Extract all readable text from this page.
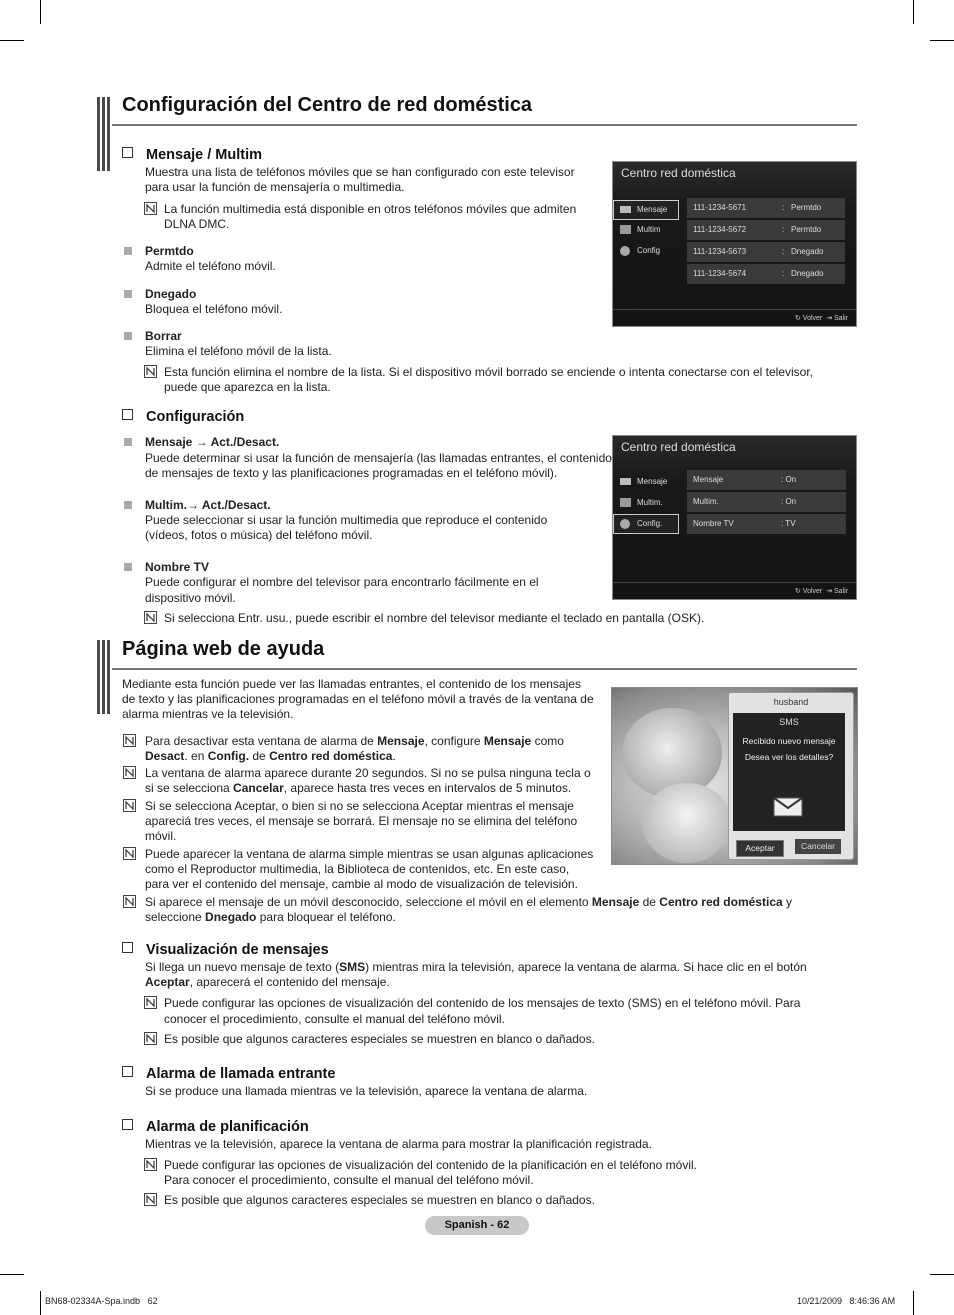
Configuración del Centro de red doméstica
Mensaje / Multim
Muestra una lista de teléfonos móviles que se han configurado con este televisor
para usar la función de mensajería o multimedia.
La función multimedia está disponible en otros teléfonos móviles que admiten
DLNA DMC.
Permtdo
Admite el teléfono móvil.
Dnegado
Bloquea el teléfono móvil.
Borrar
Elimina el teléfono móvil de la lista.
Esta función elimina el nombre de la lista. Si el dispositivo móvil borrado se enciende o intenta conectarse con el televisor,
puede que aparezca en la lista.
Centro red doméstica
Mensaje
Multim
Config
111-1234-5671	: Permtdo
111-1234-5672	: Permtdo
111-1234-5673	: Dnegado
111-1234-5674	: Dnegado
↻ Volver ⇥ Salir
Configuración
Mensaje → Act./Desact.
Puede determinar si usar la función de mensajería (las llamadas entrantes, el contenido
de mensajes de texto y las planificaciones programadas en el teléfono móvil).
Multim.→ Act./Desact.
Puede seleccionar si usar la función multimedia que reproduce el contenido
(vídeos, fotos o música) del teléfono móvil.
Nombre TV
Puede configurar el nombre del televisor para encontrarlo fácilmente en el
dispositivo móvil.
Si selecciona Entr. usu., puede escribir el nombre del televisor mediante el teclado en pantalla (OSK).
Centro red doméstica
Mensaje
Multim.
Config.
Mensaje	: On
Multim.	: On
Nombre TV	: TV
↻ Volver ⇥ Salir
Página web de ayuda
Mediante esta función puede ver las llamadas entrantes, el contenido de los mensajes
de texto y las planificaciones programadas en el teléfono móvil a través de la ventana de
alarma mientras ve la televisión.
Para desactivar esta ventana de alarma de Mensaje, configure Mensaje como
Desact. en Config. de Centro red doméstica.
La ventana de alarma aparece durante 20 segundos. Si no se pulsa ninguna tecla o
si se selecciona Cancelar, aparece hasta tres veces en intervalos de 5 minutos.
Si se selecciona Aceptar, o bien si no se selecciona Aceptar mientras el mensaje
apareciá tres veces, el mensaje se borrará. El mensaje no se elimina del teléfono
móvil.
Puede aparecer la ventana de alarma simple mientras se usan algunas aplicaciones
como el Reproductor multimedia, la Biblioteca de contenidos, etc. En este caso,
para ver el contenido del mensaje, cambie al modo de visualización de televisión.
Si aparece el mensaje de un móvil desconocido, seleccione el móvil en el elemento Mensaje de Centro red doméstica y
seleccione Dnegado para bloquear el teléfono.
husband
SMS
Recibido nuevo mensaje
Desea ver los detalles?
Aceptar	Cancelar
Visualización de mensajes
Si llega un nuevo mensaje de texto (SMS) mientras mira la televisión, aparece la ventana de alarma. Si hace clic en el botón
Aceptar, aparecerá el contenido del mensaje.
Puede configurar las opciones de visualización del contenido de los mensajes de texto (SMS) en el teléfono móvil. Para
conocer el procedimiento, consulte el manual del teléfono móvil.
Es posible que algunos caracteres especiales se muestren en blanco o dañados.
Alarma de llamada entrante
Si se produce una llamada mientras ve la televisión, aparece la ventana de alarma.
Alarma de planificación
Mientras ve la televisión, aparece la ventana de alarma para mostrar la planificación registrada.
Puede configurar las opciones de visualización del contenido de la planificación en el teléfono móvil.
Para conocer el procedimiento, consulte el manual del teléfono móvil.
Es posible que algunos caracteres especiales se muestren en blanco o dañados.
Spanish - 62
BN68-02334A-Spa.indb   62	10/21/2009   8:46:36 AM
